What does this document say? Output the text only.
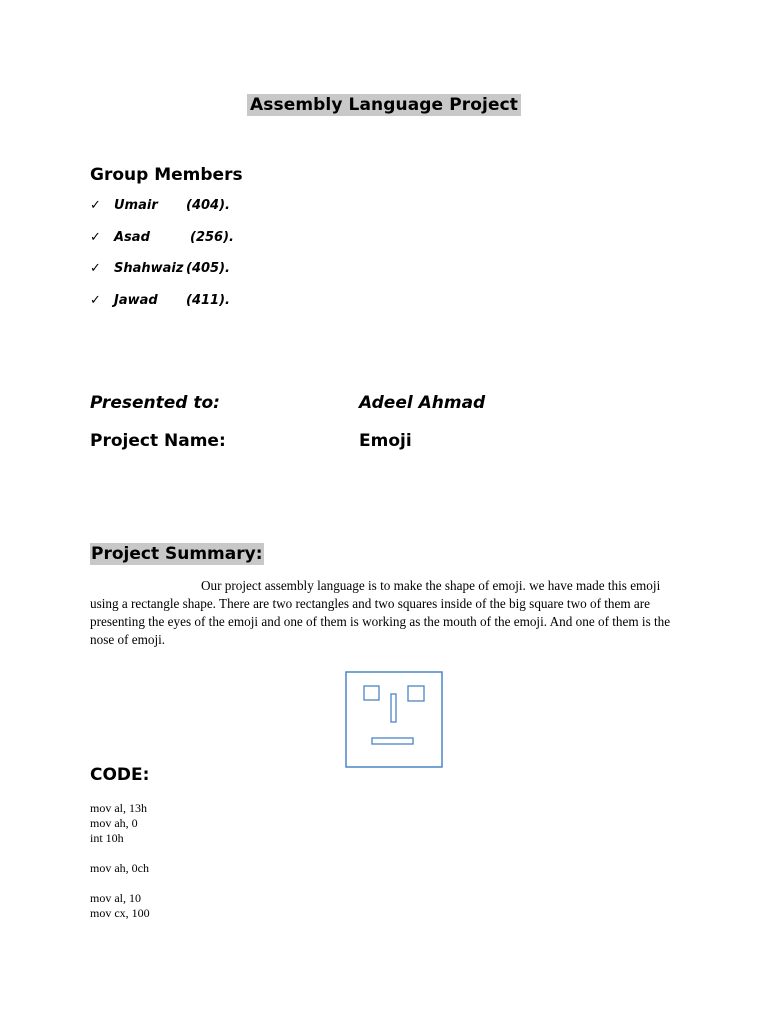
Assembly Language Project
Group Members
✓	Umair	(404).
✓	Asad	(256).
✓	Shahwaiz (405).
✓	Jawad	(411).
Presented to:	Adeel Ahmad
Project Name:	Emoji
Project Summary:

Our project assembly language is to make the shape of emoji. we have made this emoji using a rectangle shape. There are two rectangles and two squares inside of the big square two of them are presenting the eyes of the emoji and one of them is working as the mouth of the emoji. And one of them is the nose of emoji.

CODE:
mov al, 13h
mov ah, 0
int 10h

mov ah, 0ch

mov al, 10
mov cx, 100
